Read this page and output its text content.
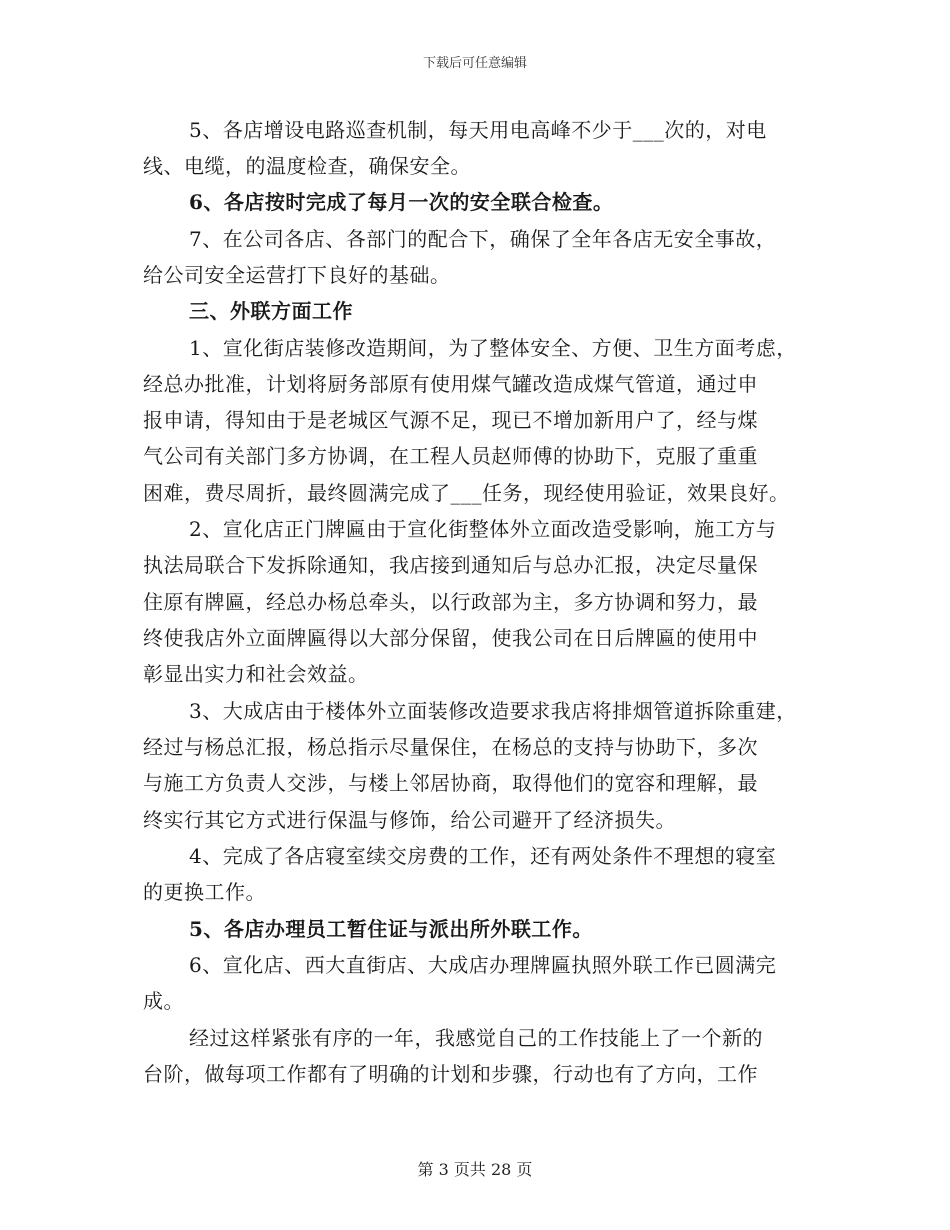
下载后可任意编辑
5、各店增设电路巡查机制，每天用电高峰不少于___次的，对电
线、电缆，的温度检查，确保安全。
6、各店按时完成了每月一次的安全联合检查。
7、在公司各店、各部门的配合下，确保了全年各店无安全事故，
给公司安全运营打下良好的基础。
三、外联方面工作
1、宣化街店装修改造期间，为了整体安全、方便、卫生方面考虑，
经总办批准，计划将厨务部原有使用煤气罐改造成煤气管道，通过申
报申请，得知由于是老城区气源不足，现已不增加新用户了，经与煤
气公司有关部门多方协调，在工程人员赵师傅的协助下，克服了重重
困难，费尽周折，最终圆满完成了___任务，现经使用验证，效果良好。
2、宣化店正门牌匾由于宣化街整体外立面改造受影响，施工方与
执法局联合下发拆除通知，我店接到通知后与总办汇报，决定尽量保
住原有牌匾，经总办杨总牵头，以行政部为主，多方协调和努力，最
终使我店外立面牌匾得以大部分保留，使我公司在日后牌匾的使用中
彰显出实力和社会效益。
3、大成店由于楼体外立面装修改造要求我店将排烟管道拆除重建，
经过与杨总汇报，杨总指示尽量保住，在杨总的支持与协助下，多次
与施工方负责人交涉，与楼上邻居协商，取得他们的宽容和理解，最
终实行其它方式进行保温与修饰，给公司避开了经济损失。
4、完成了各店寝室续交房费的工作，还有两处条件不理想的寝室
的更换工作。
5、各店办理员工暂住证与派出所外联工作。
6、宣化店、西大直街店、大成店办理牌匾执照外联工作已圆满完
成。
经过这样紧张有序的一年，我感觉自己的工作技能上了一个新的
台阶，做每项工作都有了明确的计划和步骤，行动也有了方向，工作
第 3 页共 28 页
